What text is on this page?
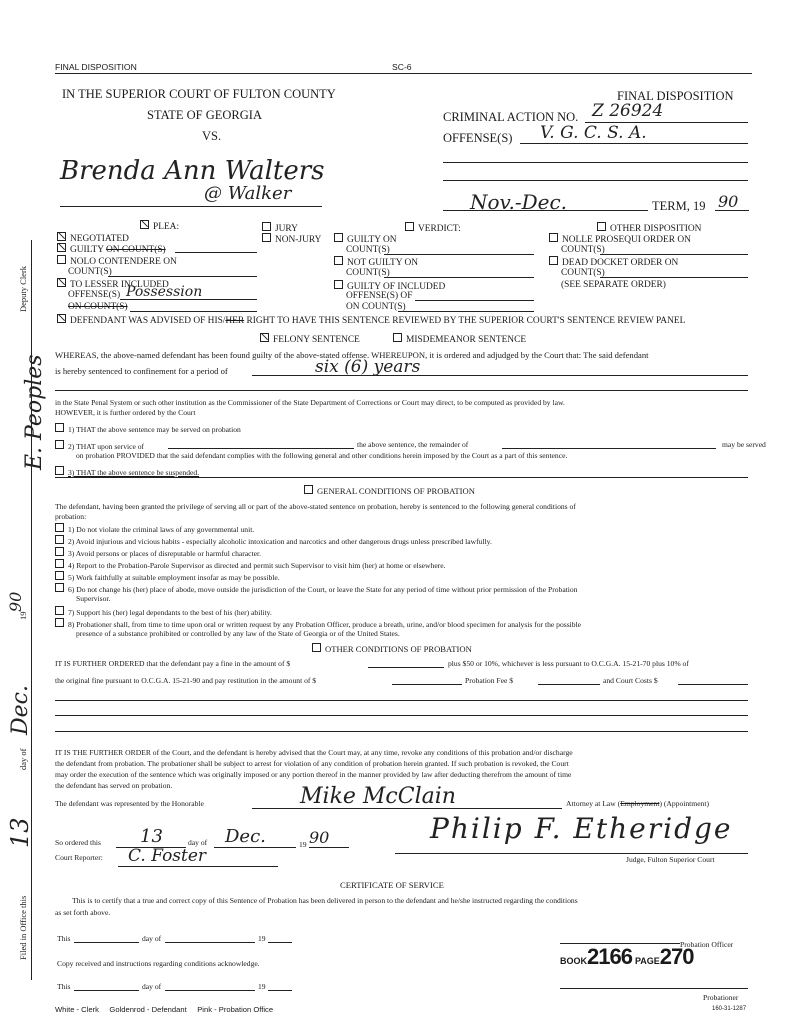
FINAL DISPOSITION	SC-6
IN THE SUPERIOR COURT OF FULTON COUNTY	FINAL DISPOSITION
STATE OF GEORGIA	CRIMINAL ACTION NO. Z 26924
VS.	OFFENSE(S) V. G. C. S. A.
Brenda Ann Walters
@ Walker	Nov.-Dec.	TERM, 19 90
PLEA:
NEGOTIATED
GUILTY ON COUNT(S)
NOLO CONTENDERE ON
COUNT(S)
TO LESSER INCLUDED
OFFENSE(S) Possession
ON COUNT(S)
JURY
NON-JURY
VERDICT:
GUILTY ON
COUNT(S)
NOT GUILTY ON
COUNT(S)
GUILTY OF INCLUDED
OFFENSE(S) OF
ON COUNT(S)
OTHER DISPOSITION
NOLLE PROSEQUI ORDER ON
COUNT(S)
DEAD DOCKET ORDER ON
COUNT(S)
(SEE SEPARATE ORDER)
DEFENDANT WAS ADVISED OF HIS/HER RIGHT TO HAVE THIS SENTENCE REVIEWED BY THE SUPERIOR COURT'S SENTENCE REVIEW PANEL
FELONY SENTENCE	MISDEMEANOR SENTENCE
WHEREAS, the above-named defendant has been found guilty of the above-stated offense. WHEREUPON, it is ordered and adjudged by the Court that: The said defendant
is hereby sentenced to confinement for a period of	six (6) years
in the State Penal System or such other institution as the Commissioner of the State Department of Corrections or Court may direct, to be computed as provided by law.
HOWEVER, it is further ordered by the Court
1) THAT the above sentence may be served on probation
2) THAT upon service of	the above sentence, the remainder of	may be served
on probation PROVIDED that the said defendant complies with the following general and other conditions herein imposed by the Court as a part of this sentence.
3) THAT the above sentence be suspended.
GENERAL CONDITIONS OF PROBATION
The defendant, having been granted the privilege of serving all or part of the above-stated sentence on probation, hereby is sentenced to the following general conditions of
probation:
1) Do not violate the criminal laws of any governmental unit.
2) Avoid injurious and vicious habits - especially alcoholic intoxication and narcotics and other dangerous drugs unless prescribed lawfully.
3) Avoid persons or places of disreputable or harmful character.
4) Report to the Probation-Parole Supervisor as directed and permit such Supervisor to visit him (her) at home or elsewhere.
5) Work faithfully at suitable employment insofar as may be possible.
6) Do not change his (her) place of abode, move outside the jurisdiction of the Court, or leave the State for any period of time without prior permission of the Probation
Supervisor.
7) Support his (her) legal dependants to the best of his (her) ability.
8) Probationer shall, from time to time upon oral or written request by any Probation Officer, produce a breath, urine, and/or blood specimen for analysis for the possible
presence of a substance prohibited or controlled by any law of the State of Georgia or of the United States.
OTHER CONDITIONS OF PROBATION
IT IS FURTHER ORDERED that the defendant pay a fine in the amount of $	plus $50 or 10%, whichever is less pursuant to O.C.G.A. 15-21-70 plus 10% of
the original fine pursuant to O.C.G.A. 15-21-90 and pay restitution in the amount of $	Probation Fee $	and Court Costs $
IT IS THE FURTHER ORDER of the Court, and the defendant is hereby advised that the Court may, at any time, revoke any conditions of this probation and/or discharge
the defendant from probation. The probationer shall be subject to arrest for violation of any condition of probation herein granted. If such probation is revoked, the Court
may order the execution of the sentence which was originally imposed or any portion thereof in the manner provided by law after deducting therefrom the amount of time
the defendant has served on probation.
The defendant was represented by the Honorable	Mike McClain	Attorney at Law (Employment) (Appointment)
So ordered this 13	day of Dec.	19 90
Court Reporter: C. Foster
Philip F. Etheridge
Judge, Fulton Superior Court
CERTIFICATE OF SERVICE
This is to certify that a true and correct copy of this Sentence of Probation has been delivered in person to the defendant and he/she instructed regarding the conditions
as set forth above.
This	day of	19
Probation Officer
BOOK2166 PAGE270
Copy received and instructions regarding conditions acknowledge.
This	day of	19
Probationer
White - Clerk     Goldenrod - Defendant     Pink - Probation Office	160-31-1287
Deputy Clerk
E. Peoples
19
90
Dec.
day of
13
Filed in Office this
